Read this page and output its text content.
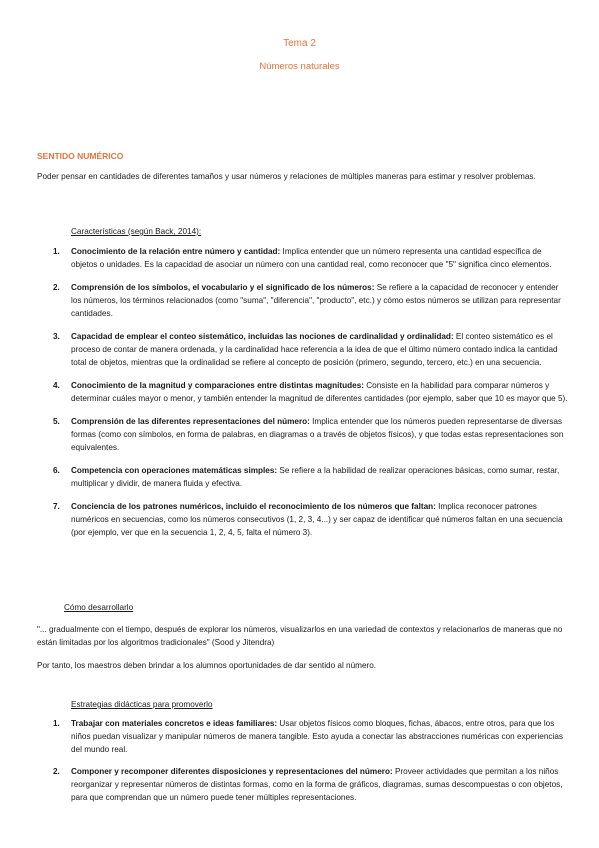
Tema 2
Números naturales
SENTIDO NUMÉRICO
Poder pensar en cantidades de diferentes tamaños y usar números y relaciones de múltiples maneras para estimar y resolver problemas.
Características (según Back, 2014):
1. Conocimiento de la relación entre número y cantidad: Implica entender que un número representa una cantidad específica de objetos o unidades. Es la capacidad de asociar un número con una cantidad real, como reconocer que "5" significa cinco elementos.
2. Comprensión de los símbolos, el vocabulario y el significado de los números: Se refiere a la capacidad de reconocer y entender los números, los términos relacionados (como "suma", "diferencia", "producto", etc.) y cómo estos números se utilizan para representar cantidades.
3. Capacidad de emplear el conteo sistemático, incluidas las nociones de cardinalidad y ordinalidad: El conteo sistemático es el proceso de contar de manera ordenada, y la cardinalidad hace referencia a la idea de que el último número contado indica la cantidad total de objetos, mientras que la ordinalidad se refiere al concepto de posición (primero, segundo, tercero, etc.) en una secuencia.
4. Conocimiento de la magnitud y comparaciones entre distintas magnitudes: Consiste en la habilidad para comparar números y determinar cuáles mayor o menor, y también entender la magnitud de diferentes cantidades (por ejemplo, saber que 10 es mayor que 5).
5. Comprensión de las diferentes representaciones del número: Implica entender que los números pueden representarse de diversas formas (como con símbolos, en forma de palabras, en diagramas o a través de objetos físicos), y que todas estas representaciones son equivalentes.
6. Competencia con operaciones matemáticas simples: Se refiere a la habilidad de realizar operaciones básicas, como sumar, restar, multiplicar y dividir, de manera fluida y efectiva.
7. Conciencia de los patrones numéricos, incluido el reconocimiento de los números que faltan: Implica reconocer patrones numéricos en secuencias, como los números consecutivos (1, 2, 3, 4...) y ser capaz de identificar qué números faltan en una secuencia (por ejemplo, ver que en la secuencia 1, 2, 4, 5, falta el número 3).
Cómo desarrollarlo
"... gradualmente con el tiempo, después de explorar los números, visualizarlos en una variedad de contextos y relacionarlos de maneras que no están limitadas por los algoritmos tradicionales" (Sood y Jitendra)
Por tanto, los maestros deben brindar a los alumnos oportunidades de dar sentido al número.
Estrategias didácticas para promoverlo
1. Trabajar con materiales concretos e ideas familiares: Usar objetos físicos como bloques, fichas, ábacos, entre otros, para que los niños puedan visualizar y manipular números de manera tangible. Esto ayuda a conectar las abstracciones numéricas con experiencias del mundo real.
2. Componer y recomponer diferentes disposiciones y representaciones del número: Proveer actividades que permitan a los niños reorganizar y representar números de distintas formas, como en la forma de gráficos, diagramas, sumas descompuestas o con objetos, para que comprendan que un número puede tener múltiples representaciones.
